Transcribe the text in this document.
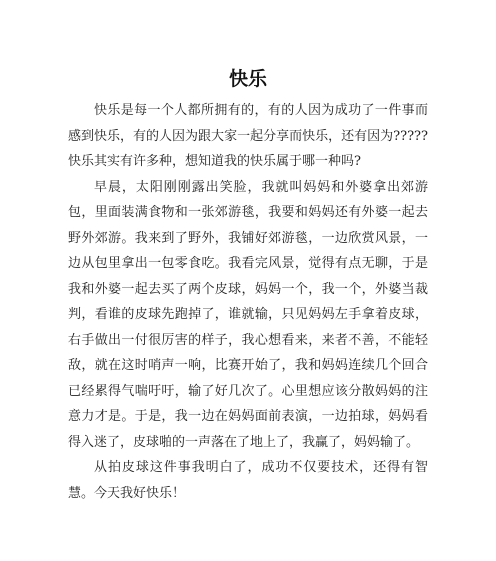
快乐

快乐是每一个人都所拥有的，有的人因为成功了一件事而感到快乐，有的人因为跟大家一起分享而快乐，还有因为?????快乐其实有许多种，想知道我的快乐属于哪一种吗?

早晨，太阳刚刚露出笑脸，我就叫妈妈和外婆拿出郊游包，里面装满食物和一张郊游毯，我要和妈妈还有外婆一起去野外郊游。我来到了野外，我铺好郊游毯，一边欣赏风景，一边从包里拿出一包零食吃。我看完风景，觉得有点无聊，于是我和外婆一起去买了两个皮球，妈妈一个，我一个，外婆当裁判，看谁的皮球先跑掉了，谁就输，只见妈妈左手拿着皮球，右手做出一付很厉害的样子，我心想看来，来者不善，不能轻敌，就在这时哨声一响，比赛开始了，我和妈妈连续几个回合已经累得气喘吁吁，输了好几次了。心里想应该分散妈妈的注意力才是。于是，我一边在妈妈面前表演，一边拍球，妈妈看得入迷了，皮球啪的一声落在了地上了，我赢了，妈妈输了。

从拍皮球这件事我明白了，成功不仅要技术，还得有智慧。今天我好快乐！
